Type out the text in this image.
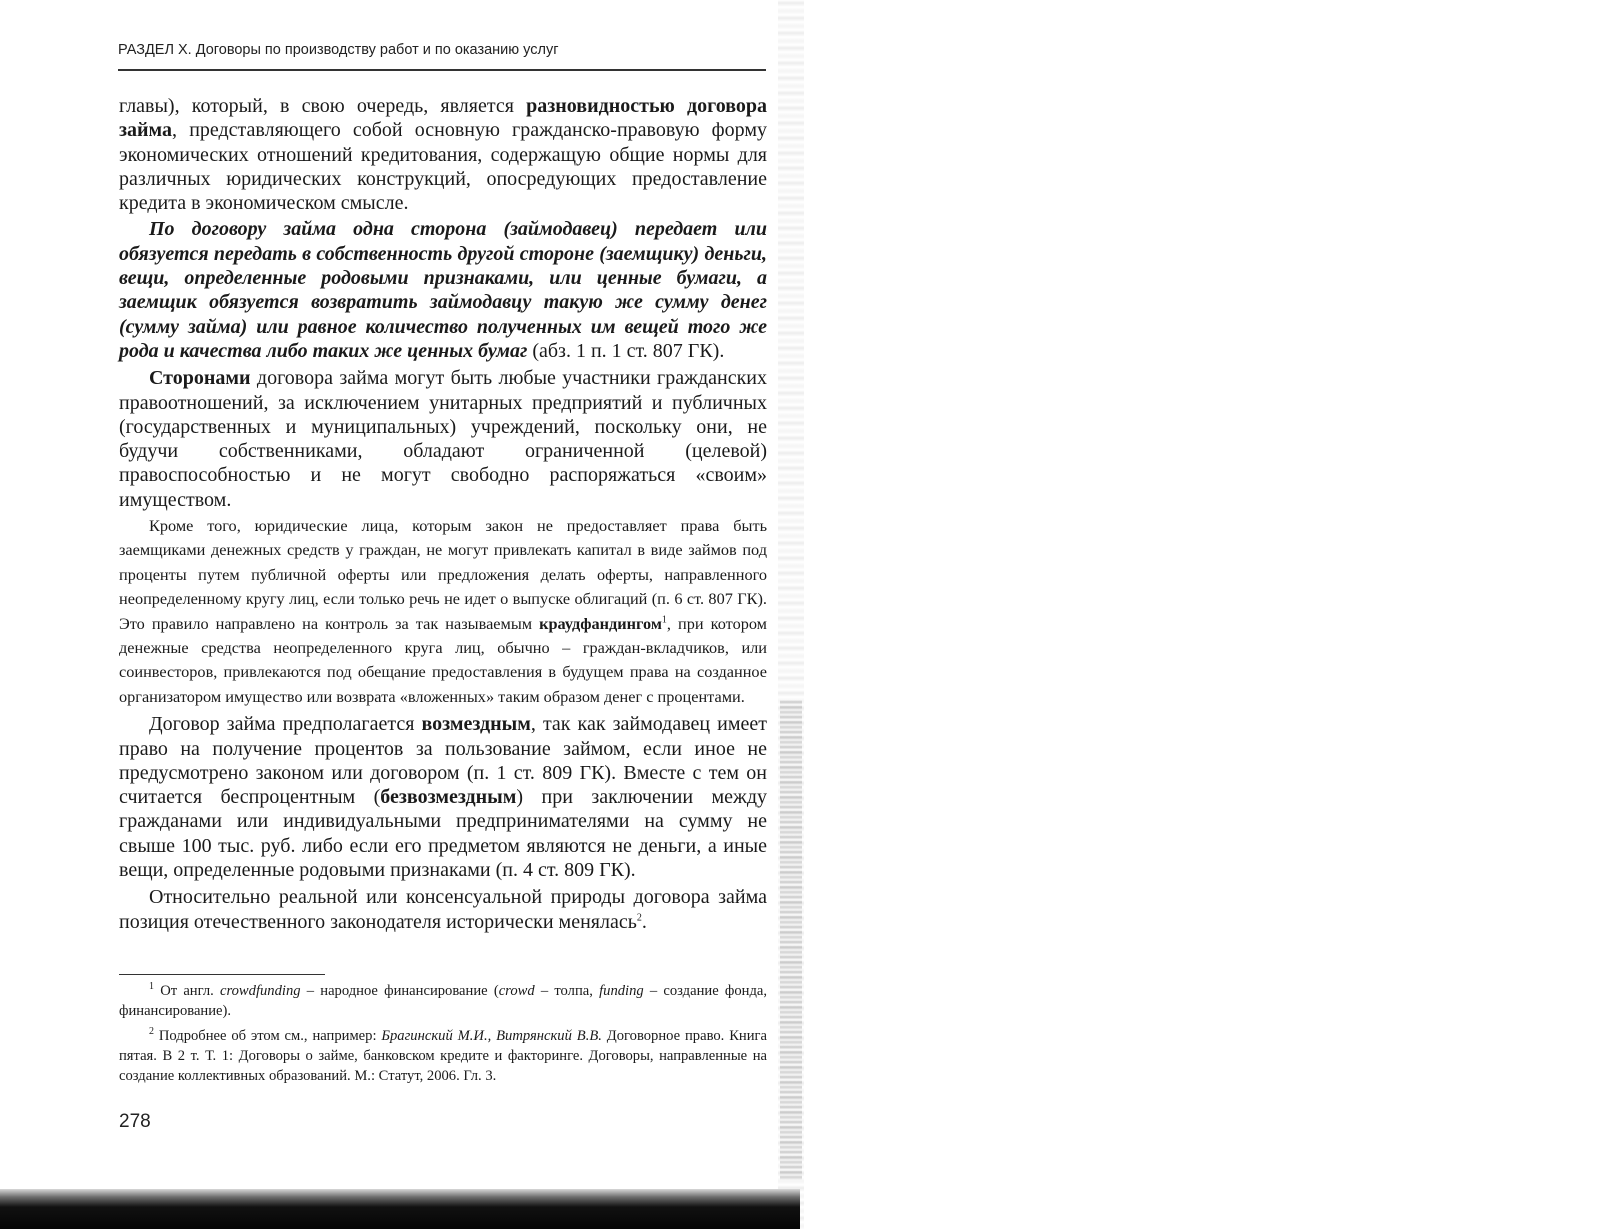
РАЗДЕЛ X. Договоры по производству работ и по оказанию услуг

главы), который, в свою очередь, является разновидностью договора займа, представляющего собой основную гражданско-правовую форму экономических отношений кредитования, содержащую общие нормы для различных юридических конструкций, опосредующих предоставление кредита в экономическом смысле.

По договору займа одна сторона (займодавец) передает или обязуется передать в собственность другой стороне (заемщику) деньги, вещи, определенные родовыми признаками, или ценные бумаги, а заемщик обязуется возвратить займодавцу такую же сумму денег (сумму займа) или равное количество полученных им вещей того же рода и качества либо таких же ценных бумаг (абз. 1 п. 1 ст. 807 ГК).

Сторонами договора займа могут быть любые участники гражданских правоотношений, за исключением унитарных предприятий и публичных (государственных и муниципальных) учреждений, поскольку они, не будучи собственниками, обладают ограниченной (целевой) правоспособностью и не могут свободно распоряжаться «своим» имуществом.

Кроме того, юридические лица, которым закон не предоставляет права быть заемщиками денежных средств у граждан, не могут привлекать капитал в виде займов под проценты путем публичной оферты или предложения делать оферты, направленного неопределенному кругу лиц, если только речь не идет о выпуске облигаций (п. 6 ст. 807 ГК). Это правило направлено на контроль за так называемым краудфандингом$^1$, при котором денежные средства неопределенного круга лиц, обычно – граждан-вкладчиков, или соинвесторов, привлекаются под обещание предоставления в будущем права на созданное организатором имущество или возврата «вложенных» таким образом денег с процентами.

Договор займа предполагается возмездным, так как займодавец имеет право на получение процентов за пользование займом, если иное не предусмотрено законом или договором (п. 1 ст. 809 ГК). Вместе с тем он считается беспроцентным (безвозмездным) при заключении между гражданами или индивидуальными предпринимателями на сумму не свыше 100 тыс. руб. либо если его предметом являются не деньги, а иные вещи, определенные родовыми признаками (п. 4 ст. 809 ГК).

Относительно реальной или консенсуальной природы договора займа позиция отечественного законодателя исторически менялась$^2$.

$^1$ От англ. crowdfunding – народное финансирование (crowd – толпа, funding – создание фонда, финансирование).

$^2$ Подробнее об этом см., например: Брагинский М.И., Витрянский В.В. Договорное право. Книга пятая. В 2 т. Т. 1: Договоры о займе, банковском кредите и факторинге. Договоры, направленные на создание коллективных образований. М.: Статут, 2006. Гл. 3.

278
